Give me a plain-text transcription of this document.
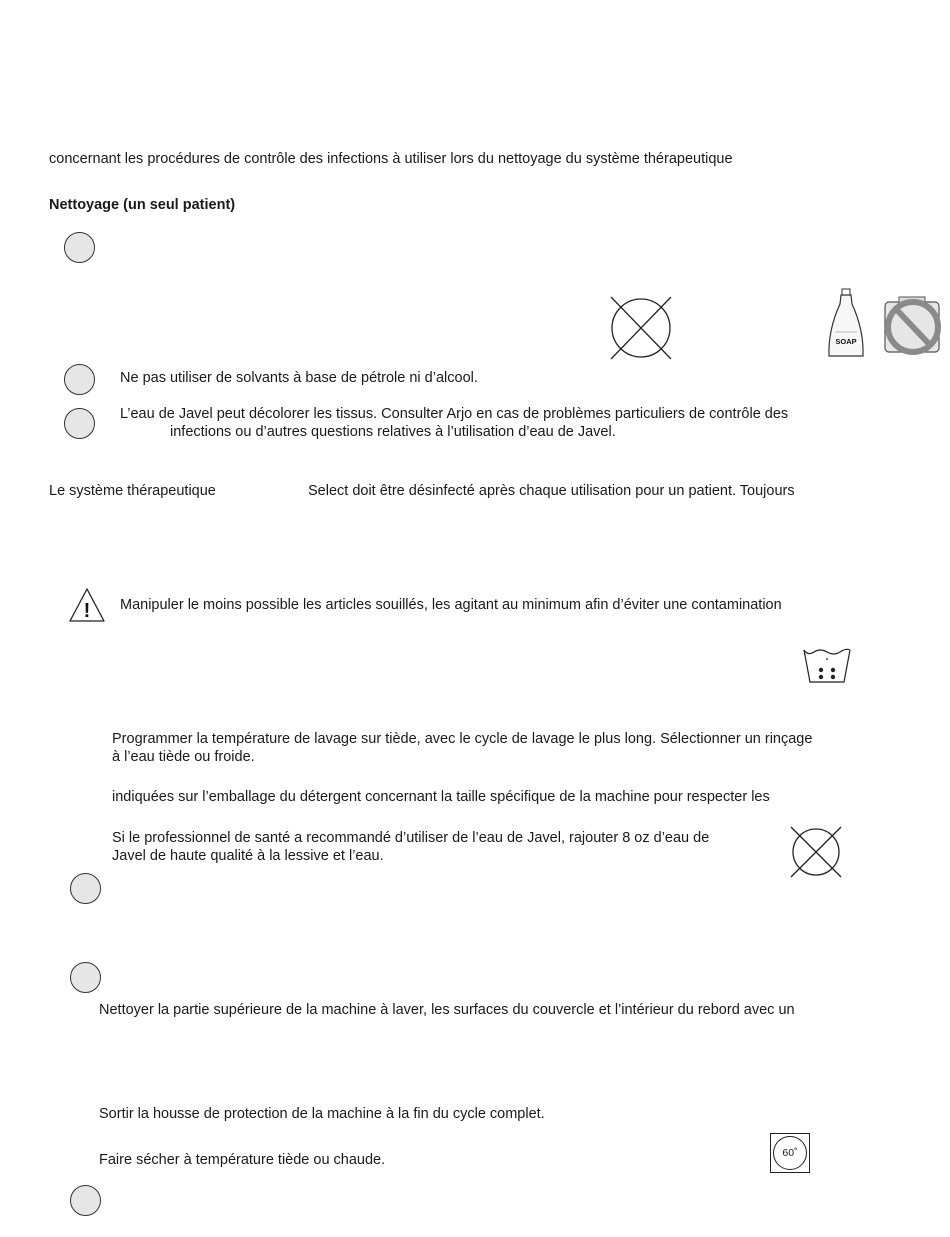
concernant les procédures de contrôle des infections à utiliser lors du nettoyage du système thérapeutique
Nettoyage (un seul patient)
SOAP
Ne pas utiliser de solvants à base de pétrole ni d’alcool.
L’eau de Javel peut décolorer les tissus. Consulter Arjo en cas de problèmes particuliers de contrôle des
infections ou d’autres questions relatives à l’utilisation d’eau de Javel.
Le système thérapeutique	Select doit être désinfecté après chaque utilisation pour un patient. Toujours
! Manipuler le moins possible les articles souillés, les agitant au minimum afin d’éviter une contamination
Programmer la température de lavage sur tiède, avec le cycle de lavage le plus long. Sélectionner un rinçage
à l’eau tiède ou froide.
indiquées sur l’emballage du détergent concernant la taille spécifique de la machine pour respecter les
Si le professionnel de santé a recommandé d’utiliser de l’eau de Javel, rajouter 8 oz d’eau de
Javel de haute qualité à la lessive et l’eau.
Nettoyer la partie supérieure de la machine à laver, les surfaces du couvercle et l’intérieur du rebord avec un
Sortir la housse de protection de la machine à la fin du cycle complet.
Faire sécher à température tiède ou chaude.	60˚
